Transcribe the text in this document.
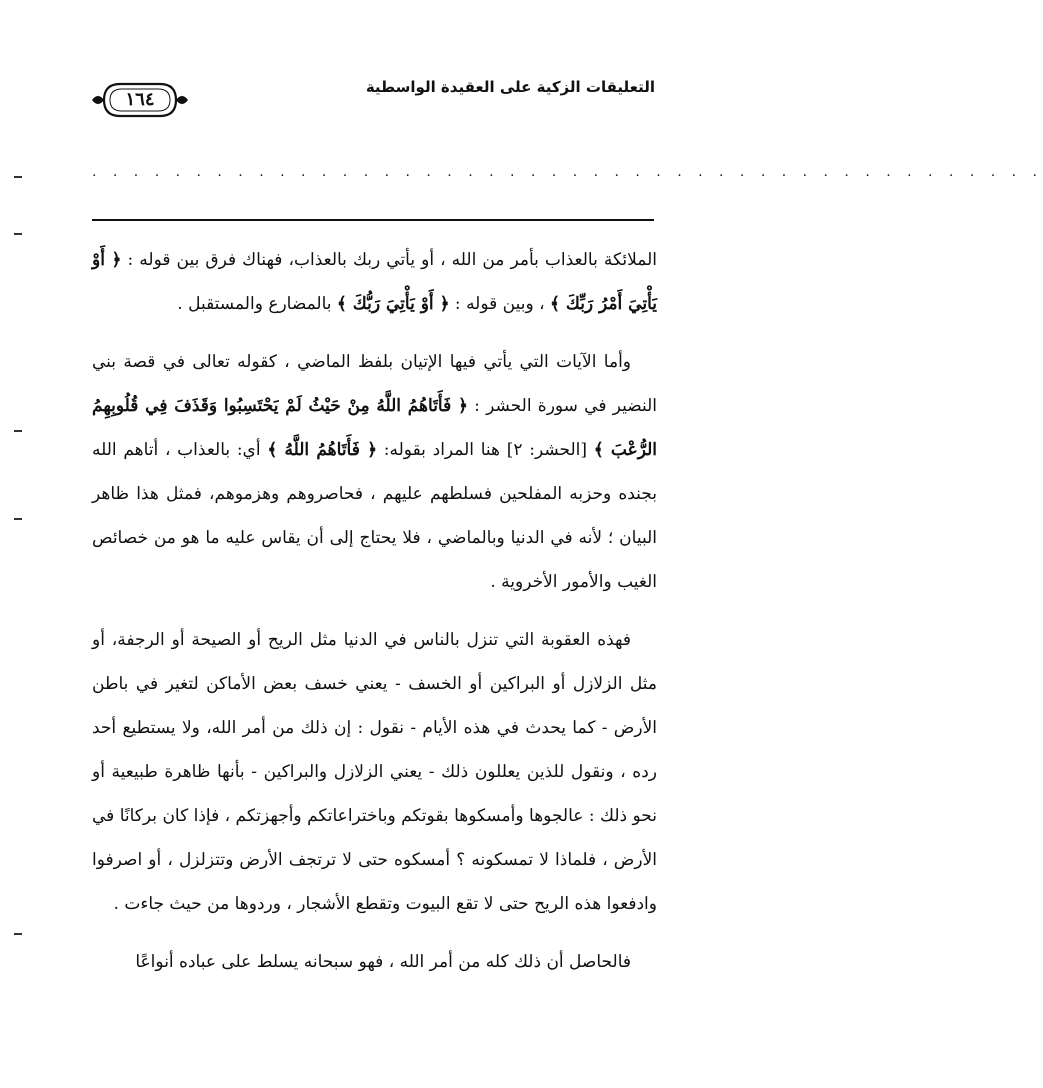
التعليقات الزكية على العقيدة الواسطية
١٦٤
. . . . . . . . . . . . . . . . . . . . . . . . . . . . . . . . . . . . . . . . . . . . . .

الملائكة بالعذاب بأمر من الله ، أو يأتي ربك بالعذاب، فهناك فرق بين قوله : ﴿ أَوْ يَأْتِيَ أَمْرُ رَبِّكَ ﴾ ، وبين قوله : ﴿ أَوْ يَأْتِيَ رَبُّكَ ﴾ بالمضارع والمستقبل .

وأما الآيات التي يأتي فيها الإتيان بلفظ الماضي ، كقوله تعالى في قصة بني النضير في سورة الحشر : ﴿ فَأَتَاهُمُ اللَّهُ مِنْ حَيْثُ لَمْ يَحْتَسِبُوا وَقَذَفَ فِي قُلُوبِهِمُ الرُّعْبَ ﴾ [الحشر: ٢] هنا المراد بقوله: ﴿ فَأَتَاهُمُ اللَّهُ ﴾ أي: بالعذاب ، أتاهم الله بجنده وحزبه المفلحين فسلطهم عليهم ، فحاصروهم وهزموهم، فمثل هذا ظاهر البيان ؛ لأنه في الدنيا وبالماضي ، فلا يحتاج إلى أن يقاس عليه ما هو من خصائص الغيب والأمور الأخروية .

فهذه العقوبة التي تنزل بالناس في الدنيا مثل الريح أو الصيحة أو الرجفة، أو مثل الزلازل أو البراكين أو الخسف - يعني خسف بعض الأماكن لتغير في باطن الأرض - كما يحدث في هذه الأيام - نقول : إن ذلك من أمر الله، ولا يستطيع أحد رده ، ونقول للذين يعللون ذلك - يعني الزلازل والبراكين - بأنها ظاهرة طبيعية أو نحو ذلك : عالجوها وأمسكوها بقوتكم وباختراعاتكم وأجهزتكم ، فإذا كان بركانًا في الأرض ، فلماذا لا تمسكونه ؟ أمسكوه حتى لا ترتجف الأرض وتتزلزل ، أو اصرفوا وادفعوا هذه الريح حتى لا تقع البيوت وتقطع الأشجار ، وردوها من حيث جاءت .

فالحاصل أن ذلك كله من أمر الله ، فهو سبحانه يسلط على عباده أنواعًا
